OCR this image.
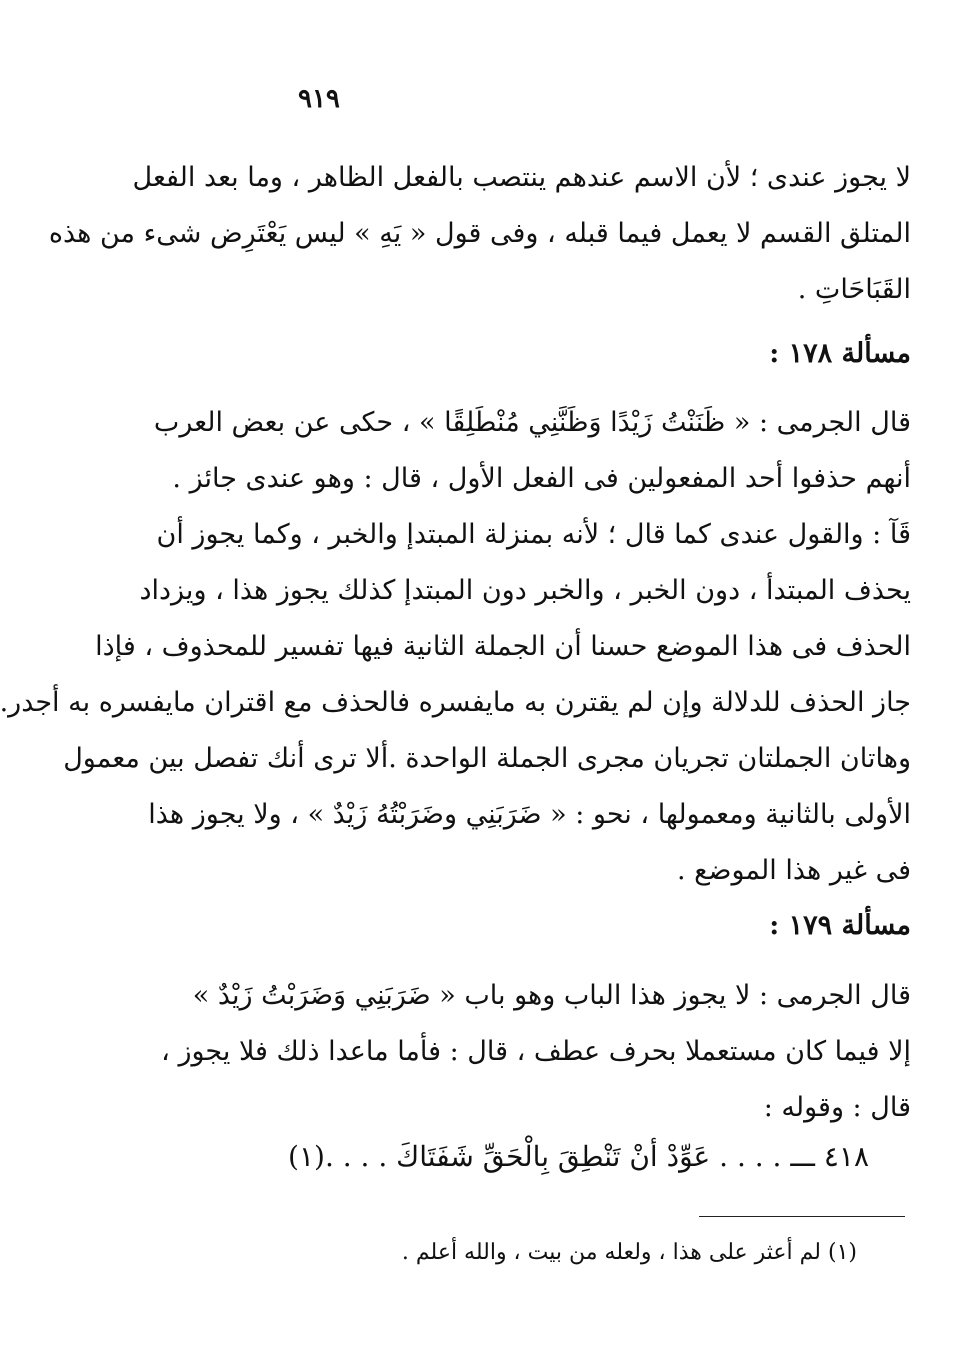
٩١٩
لا يجوز عندى ؛ لأن الاسم عندهم ينتصب بالفعل الظاهر ، وما بعد الفعل
المتلق القسم لا يعمل فيما قبله ، وفى قول « يَهِ » ليس يَعْتَرِض شىء من هذه
القَبَاحَاتِ .
مسألة ١٧٨ :
قال الجرمى : « ظَنَنْتُ زَيْدًا وَظَنَّنِي مُنْطَلِقًا » ، حكى عن بعض العرب
أنهم حذفوا أحد المفعولين فى الفعل الأول ، قال : وهو عندى جائز .
قَآ : والقول عندى كما قال ؛ لأنه بمنزلة المبتدإ والخبر ، وكما يجوز أن
يحذف المبتدأ ، دون الخبر ، والخبر دون المبتدإ كذلك يجوز هذا ، ويزداد
الحذف فى هذا الموضع حسنا أن الجملة الثانية فيها تفسير للمحذوف ، فإذا
جاز الحذف للدلالة وإن لم يقترن به مايفسره فالحذف مع اقتران مايفسره به أجدر.
وهاتان الجملتان تجريان مجرى الجملة الواحدة .ألا ترى أنك تفصل بين معمول
الأولى بالثانية ومعمولها ، نحو : « ضَرَبَنِي وضَرَبْتُهُ زَيْدٌ » ، ولا يجوز هذا
فى غير هذا الموضع .
مسألة ١٧٩ :
قال الجرمى : لا يجوز هذا الباب وهو باب « ضَرَبَنِي وَضَرَبْتُ زَيْدٌ »
إلا فيما كان مستعملا بحرف عطف ، قال : فأما ماعدا ذلك فلا يجوز ،
قال : وقوله :
٤١٨ ـــ . . . . عَوِّدْ أنْ تَنْطِقَ بِالْحَقِّ شَفَتَاكَ . . . .(١)
(١) لم أعثر على هذا ، ولعله من بيت ، والله أعلم .
